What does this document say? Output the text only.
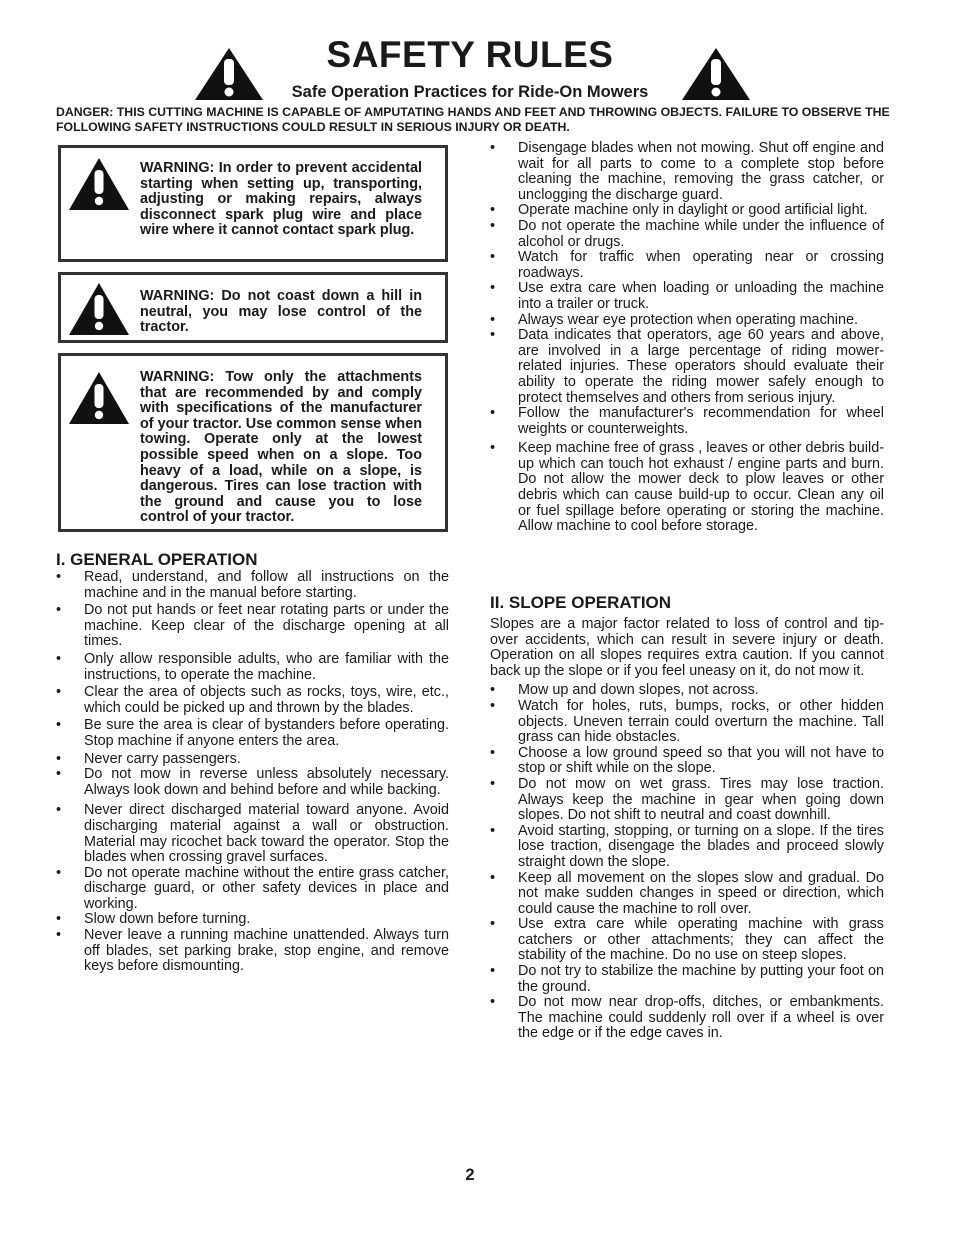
SAFETY RULES
Safe Operation Practices for Ride-On Mowers
DANGER: THIS CUTTING MACHINE IS CAPABLE OF AMPUTATING HANDS AND FEET AND THROWING OBJECTS. FAILURE TO OBSERVE THE FOLLOWING SAFETY INSTRUCTIONS COULD RESULT IN SERIOUS INJURY OR DEATH.
WARNING: In order to prevent accidental starting when setting up, transporting, adjusting or making repairs, always disconnect spark plug wire and place wire where it cannot contact spark plug.
WARNING: Do not coast down a hill in neutral, you may lose control of the tractor.
WARNING: Tow only the attachments that are recommended by and comply with specifications of the manufacturer of your tractor. Use common sense when towing. Operate only at the lowest possible speed when on a slope. Too heavy of a load, while on a slope, is dangerous. Tires can lose traction with the ground and cause you to lose control of your tractor.
I. GENERAL OPERATION
• Read, understand, and follow all instructions on the machine and in the manual before starting.
• Do not put hands or feet near rotating parts or under the machine. Keep clear of the discharge opening at all times.
• Only allow responsible adults, who are familiar with the instructions, to operate the machine.
• Clear the area of objects such as rocks, toys, wire, etc., which could be picked up and thrown by the blades.
• Be sure the area is clear of bystanders before operating. Stop machine if anyone enters the area.
• Never carry passengers.
• Do not mow in reverse unless absolutely necessary. Always look down and behind before and while backing.
• Never direct discharged material toward anyone. Avoid discharging material against a wall or obstruction. Material may ricochet back toward the operator. Stop the blades when crossing gravel surfaces.
• Do not operate machine without the entire grass catcher, discharge guard, or other safety devices in place and working.
• Slow down before turning.
• Never leave a running machine unattended. Always turn off blades, set parking brake, stop engine, and remove keys before dismounting.
• Disengage blades when not mowing. Shut off engine and wait for all parts to come to a complete stop before cleaning the machine, removing the grass catcher, or unclogging the discharge guard.
• Operate machine only in daylight or good artificial light.
• Do not operate the machine while under the influence of alcohol or drugs.
• Watch for traffic when operating near or crossing roadways.
• Use extra care when loading or unloading the machine into a trailer or truck.
• Always wear eye protection when operating machine.
• Data indicates that operators, age 60 years and above, are involved in a large percentage of riding mower-related injuries. These operators should evaluate their ability to operate the riding mower safely enough to protect themselves and others from serious injury.
• Follow the manufacturer's recommendation for wheel weights or counterweights.
• Keep machine free of grass , leaves or other debris build-up which can touch hot exhaust / engine parts and burn. Do not allow the mower deck to plow leaves or other debris which can cause build-up to occur. Clean any oil or fuel spillage before operating or storing the machine. Allow machine to cool before storage.
II. SLOPE OPERATION
Slopes are a major factor related to loss of control and tip-over accidents, which can result in severe injury or death. Operation on all slopes requires extra caution. If you cannot back up the slope or if you feel uneasy on it, do not mow it.
• Mow up and down slopes, not across.
• Watch for holes, ruts, bumps, rocks, or other hidden objects. Uneven terrain could overturn the machine. Tall grass can hide obstacles.
• Choose a low ground speed so that you will not have to stop or shift while on the slope.
• Do not mow on wet grass. Tires may lose traction. Always keep the machine in gear when going down slopes. Do not shift to neutral and coast downhill.
• Avoid starting, stopping, or turning on a slope. If the tires lose traction, disengage the blades and proceed slowly straight down the slope.
• Keep all movement on the slopes slow and gradual. Do not make sudden changes in speed or direction, which could cause the machine to roll over.
• Use extra care while operating machine with grass catchers or other attachments; they can affect the stability of the machine. Do no use on steep slopes.
• Do not try to stabilize the machine by putting your foot on the ground.
• Do not mow near drop-offs, ditches, or embankments. The machine could suddenly roll over if a wheel is over the edge or if the edge caves in.
2
